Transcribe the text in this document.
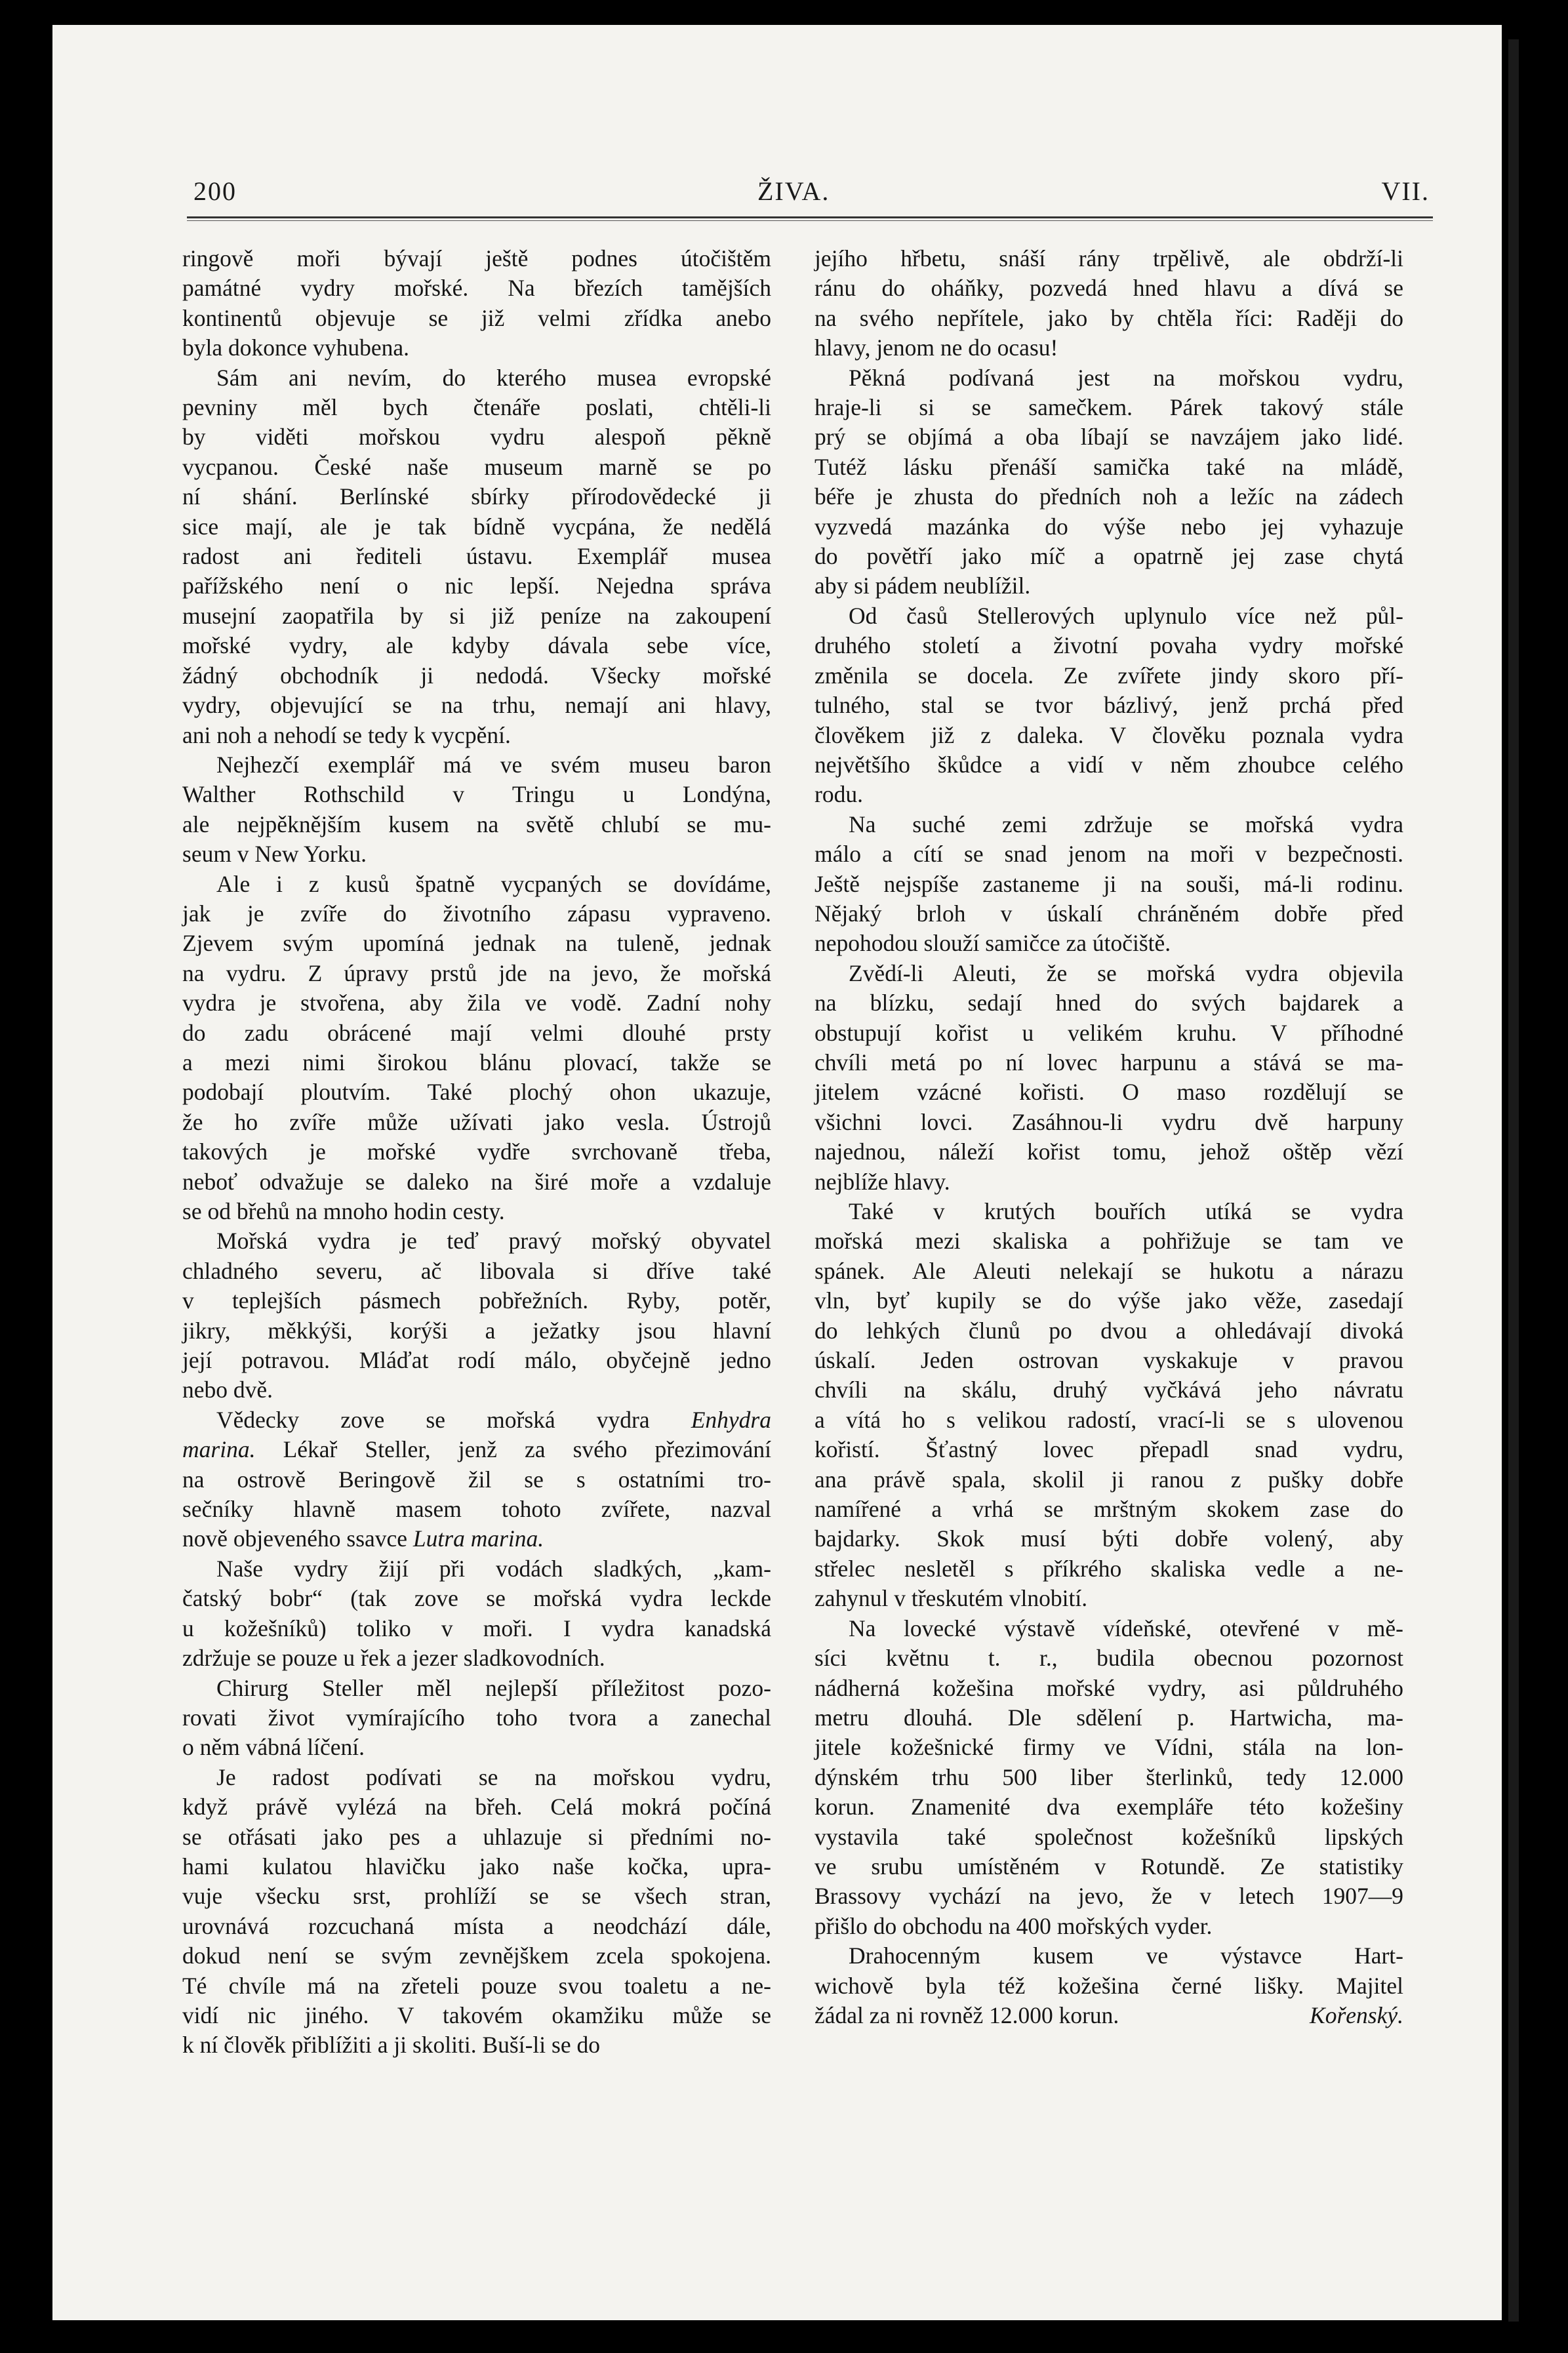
200	ŽIVA.	VII.

ringově moři bývají ještě podnes útočištěm
památné vydry mořské. Na březích tamějších
kontinentů objevuje se již velmi zřídka anebo
byla dokonce vyhubena.

Sám ani nevím, do kterého musea evropské
pevniny měl bych čtenáře poslati, chtěli-li
by viděti mořskou vydru alespoň pěkně
vycpanou. České naše museum marně se po
ní shání. Berlínské sbírky přírodovědecké ji
sice mají, ale je tak bídně vycpána, že nedělá
radost ani řediteli ústavu. Exemplář musea
pařížského není o nic lepší. Nejedna správa
musejní zaopatřila by si již peníze na zakoupení
mořské vydry, ale kdyby dávala sebe více,
žádný obchodník ji nedodá. Všecky mořské
vydry, objevující se na trhu, nemají ani hlavy,
ani noh a nehodí se tedy k vycpění.

Nejhezčí exemplář má ve svém museu baron
Walther Rothschild v Tringu u Londýna,
ale nejpěknějším kusem na světě chlubí se mu-
seum v New Yorku.

Ale i z kusů špatně vycpaných se dovídáme,
jak je zvíře do životního zápasu vypraveno.
Zjevem svým upomíná jednak na tuleně, jednak
na vydru. Z úpravy prstů jde na jevo, že mořská
vydra je stvořena, aby žila ve vodě. Zadní nohy
do zadu obrácené mají velmi dlouhé prsty
a mezi nimi širokou blánu plovací, takže se
podobají ploutvím. Také plochý ohon ukazuje,
že ho zvíře může užívati jako vesla. Ústrojů
takových je mořské vydře svrchovaně třeba,
neboť odvažuje se daleko na širé moře a vzdaluje
se od břehů na mnoho hodin cesty.

Mořská vydra je teď pravý mořský obyvatel
chladného severu, ač libovala si dříve také
v teplejších pásmech pobřežních. Ryby, potěr,
jikry, měkkýši, korýši a ježatky jsou hlavní
její potravou. Mláďat rodí málo, obyčejně jedno
nebo dvě.

Vědecky zove se mořská vydra Enhydra
marina. Lékař Steller, jenž za svého přezimování
na ostrově Beringově žil se s ostatními tro-
sečníky hlavně masem tohoto zvířete, nazval
nově objeveného ssavce Lutra marina.

Naše vydry žijí při vodách sladkých, „kam-
čatský bobr“ (tak zove se mořská vydra leckde
u kožešníků) toliko v moři. I vydra kanadská
zdržuje se pouze u řek a jezer sladkovodních.

Chirurg Steller měl nejlepší příležitost pozo-
rovati život vymírajícího toho tvora a zanechal
o něm vábná líčení.

Je radost podívati se na mořskou vydru,
když právě vylézá na břeh. Celá mokrá počíná
se otřásati jako pes a uhlazuje si předními no-
hami kulatou hlavičku jako naše kočka, upra-
vuje všecku srst, prohlíží se se všech stran,
urovnává rozcuchaná místa a neodchází dále,
dokud není se svým zevnějškem zcela spokojena.
Té chvíle má na zřeteli pouze svou toaletu a ne-
vidí nic jiného. V takovém okamžiku může se
k ní člověk přiblížiti a ji skoliti. Buší-li se do

jejího hřbetu, snáší rány trpělivě, ale obdrží-li
ránu do oháňky, pozvedá hned hlavu a dívá se
na svého nepřítele, jako by chtěla říci: Raději do
hlavy, jenom ne do ocasu!

Pěkná podívaná jest na mořskou vydru,
hraje-li si se samečkem. Párek takový stále
prý se objímá a oba líbají se navzájem jako lidé.
Tutéž lásku přenáší samička také na mládě,
béře je zhusta do předních noh a ležíc na zádech
vyzvedá mazánka do výše nebo jej vyhazuje
do povětří jako míč a opatrně jej zase chytá
aby si pádem neublížil.

Od časů Stellerových uplynulo více než půl-
druhého století a životní povaha vydry mořské
změnila se docela. Ze zvířete jindy skoro pří-
tulného, stal se tvor bázlivý, jenž prchá před
člověkem již z daleka. V člověku poznala vydra
největšího škůdce a vidí v něm zhoubce celého
rodu.

Na suché zemi zdržuje se mořská vydra
málo a cítí se snad jenom na moři v bezpečnosti.
Ještě nejspíše zastaneme ji na souši, má-li rodinu.
Nějaký brloh v úskalí chráněném dobře před
nepohodou slouží samičce za útočiště.

Zvědí-li Aleuti, že se mořská vydra objevila
na blízku, sedají hned do svých bajdarek a
obstupují kořist u velikém kruhu. V příhodné
chvíli metá po ní lovec harpunu a stává se ma-
jitelem vzácné kořisti. O maso rozdělují se
všichni lovci. Zasáhnou-li vydru dvě harpuny
najednou, náleží kořist tomu, jehož oštěp vězí
nejblíže hlavy.

Také v krutých bouřích utíká se vydra
mořská mezi skaliska a pohřižuje se tam ve
spánek. Ale Aleuti nelekají se hukotu a nárazu
vln, byť kupily se do výše jako věže, zasedají
do lehkých člunů po dvou a ohledávají divoká
úskalí. Jeden ostrovan vyskakuje v pravou
chvíli na skálu, druhý vyčkává jeho návratu
a vítá ho s velikou radostí, vrací-li se s ulovenou
kořistí. Šťastný lovec přepadl snad vydru,
ana právě spala, skolil ji ranou z pušky dobře
namířené a vrhá se mrštným skokem zase do
bajdarky. Skok musí býti dobře volený, aby
střelec nesletěl s příkrého skaliska vedle a ne-
zahynul v třeskutém vlnobití.

Na lovecké výstavě vídeňské, otevřené v mě-
síci květnu t. r., budila obecnou pozornost
nádherná kožešina mořské vydry, asi půldruhého
metru dlouhá. Dle sdělení p. Hartwicha, ma-
jitele kožešnické firmy ve Vídni, stála na lon-
dýnském trhu 500 liber šterlinků, tedy 12.000
korun. Znamenité dva exempláře této kožešiny
vystavila také společnost kožešníků lipských
ve srubu umístěném v Rotundě. Ze statistiky
Brassovy vychází na jevo, že v letech 1907—9
přišlo do obchodu na 400 mořských vyder.

Drahocenným kusem ve výstavce Hart-
wichově byla též kožešina černé lišky. Majitel
žádal za ni rovněž 12.000 korun.	Kořenský.
